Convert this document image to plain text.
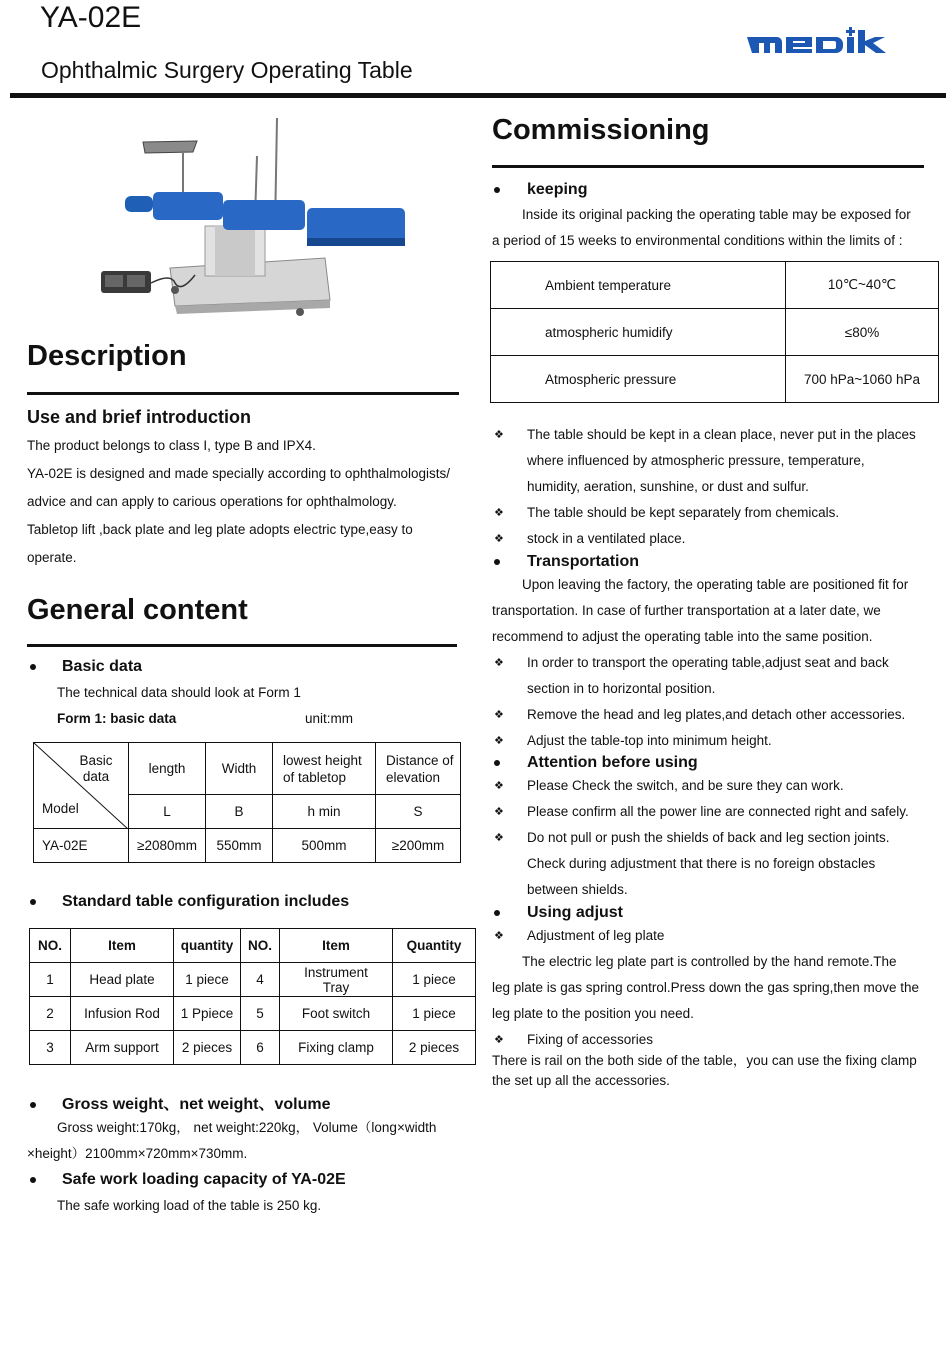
YA-02E
Ophthalmic Surgery Operating Table
Description
Use and brief introduction
The product belongs to class I, type B and IPX4.
YA-02E is designed and made specially according to ophthalmologists/
advice and can apply to carious operations for ophthalmology.
Tabletop lift ,back plate and leg plate adopts electric type,easy to
operate.
General content
Basic data
The technical data should look at Form 1
Form 1: basic data	unit:mm
Basic data
Model	length	Width	lowest height of tabletop	Distance of elevation
	L	B	h min	S
YA-02E	≥2080mm	550mm	500mm	≥200mm
Standard table configuration includes
NO.	Item	quantity	NO.	Item	Quantity
1	Head plate	1 piece	4	Instrument Tray	1 piece
2	Infusion Rod	1 Ppiece	5	Foot switch	1 piece
3	Arm support	2 pieces	6	Fixing clamp	2 pieces
Gross weight、net weight、volume
Gross weight:170kg， net weight:220kg， Volume（long×width
×height）2100mm×720mm×730mm.
Safe work loading capacity of YA-02E
The safe working load of the table is 250 kg.
Commissioning
keeping
Inside its original packing the operating table may be exposed for
a period of 15 weeks to environmental conditions within the limits of :
Ambient temperature	10℃~40℃
atmospheric humidify	≤80%
Atmospheric pressure	700 hPa~1060 hPa
❖ The table should be kept in a clean place, never put in the places
where influenced by atmospheric pressure, temperature,
humidity, aeration, sunshine, or dust and sulfur.
❖ The table should be kept separately from chemicals.
❖ stock in a ventilated place.
Transportation
Upon leaving the factory, the operating table are positioned fit for
transportation. In case of further transportation at a later date, we
recommend to adjust the operating table into the same position.
❖ In order to transport the operating table,adjust seat and back
section in to horizontal position.
❖ Remove the head and leg plates,and detach other accessories.
❖ Adjust the table-top into minimum height.
Attention before using
❖ Please Check the switch, and be sure they can work.
❖ Please confirm all the power line are connected right and safely.
❖ Do not pull or push the shields of back and leg section joints.
Check during adjustment that there is no foreign obstacles
between shields.
Using adjust
❖ Adjustment of leg plate
The electric leg plate part is controlled by the hand remote.The
leg plate is gas spring control.Press down the gas spring,then move the
leg plate to the position you need.
❖ Fixing of accessories
There is rail on the both side of the table，you can use the fixing clamp
the set up all the accessories.
